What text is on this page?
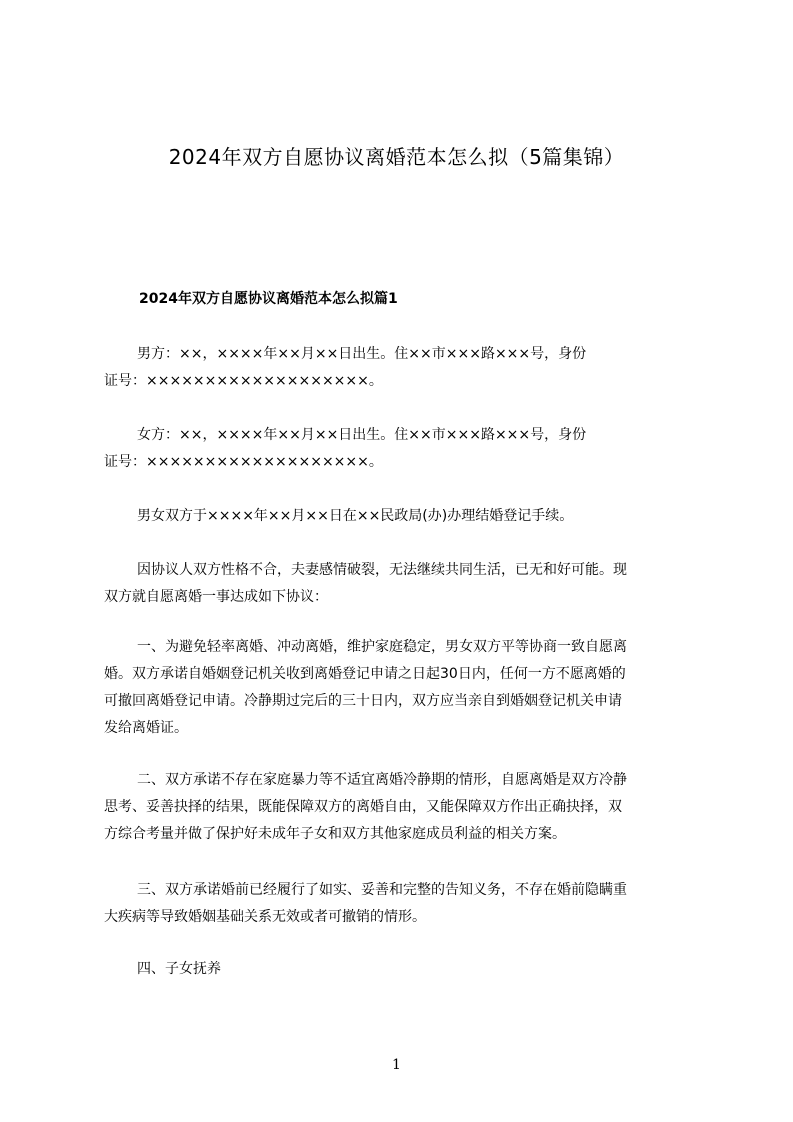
2024年双方自愿协议离婚范本怎么拟（5篇集锦）
2024年双方自愿协议离婚范本怎么拟篇1
男方：××，××××年××月××日出生。住××市×××路×××号，身份
证号：×××××××××××××××××××。
女方：××，××××年××月××日出生。住××市×××路×××号，身份
证号：×××××××××××××××××××。
男女双方于××××年××月××日在××民政局(办)办理结婚登记手续。
因协议人双方性格不合，夫妻感情破裂，无法继续共同生活，已无和好可能。现
双方就自愿离婚一事达成如下协议：
一、为避免轻率离婚、冲动离婚，维护家庭稳定，男女双方平等协商一致自愿离
婚。双方承诺自婚姻登记机关收到离婚登记申请之日起30日内，任何一方不愿离婚的
可撤回离婚登记申请。冷静期过完后的三十日内，双方应当亲自到婚姻登记机关申请
发给离婚证。
二、双方承诺不存在家庭暴力等不适宜离婚冷静期的情形，自愿离婚是双方冷静
思考、妥善抉择的结果，既能保障双方的离婚自由，又能保障双方作出正确抉择，双
方综合考量并做了保护好未成年子女和双方其他家庭成员利益的相关方案。
三、双方承诺婚前已经履行了如实、妥善和完整的告知义务，不存在婚前隐瞒重
大疾病等导致婚姻基础关系无效或者可撤销的情形。
四、子女抚养
1
